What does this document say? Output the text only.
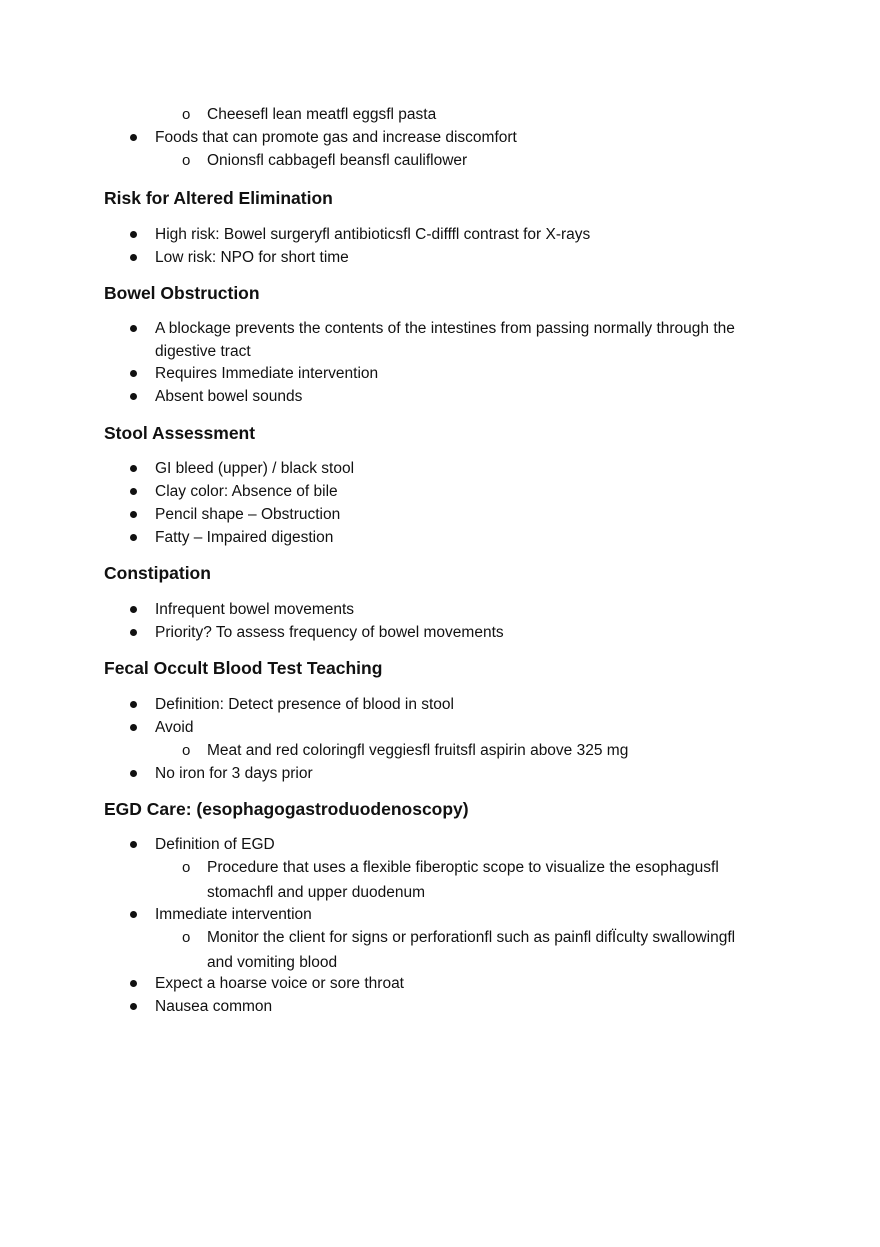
o Cheesefl lean meatfl eggsfl pasta
Foods that can promote gas and increase discomfort
o Onionsfl cabbagefl beansfl cauliflower
Risk for Altered Elimination
High risk: Bowel surgeryfl antibioticsfl C-difffl contrast for X-rays
Low risk: NPO for short time
Bowel Obstruction
A blockage prevents the contents of the intestines from passing normally through the
digestive tract
Requires Immediate intervention
Absent bowel sounds
Stool Assessment
GI bleed (upper) / black stool
Clay color: Absence of bile
Pencil shape – Obstruction
Fatty – Impaired digestion
Constipation
Infrequent bowel movements
Priority? To assess frequency of bowel movements
Fecal Occult Blood Test Teaching
Definition: Detect presence of blood in stool
Avoid
o Meat and red coloringfl veggiesfl fruitsfl aspirin above 325 mg
No iron for 3 days prior
EGD Care: (esophagogastroduodenoscopy)
Definition of EGD
o Procedure that uses a flexible fiberoptic scope to visualize the esophagusfl
stomachfl and upper duodenum
Immediate intervention
o Monitor the client for signs or perforationfl such as painfl difÏculty swallowingfl
and vomiting blood
Expect a hoarse voice or sore throat
Nausea common
